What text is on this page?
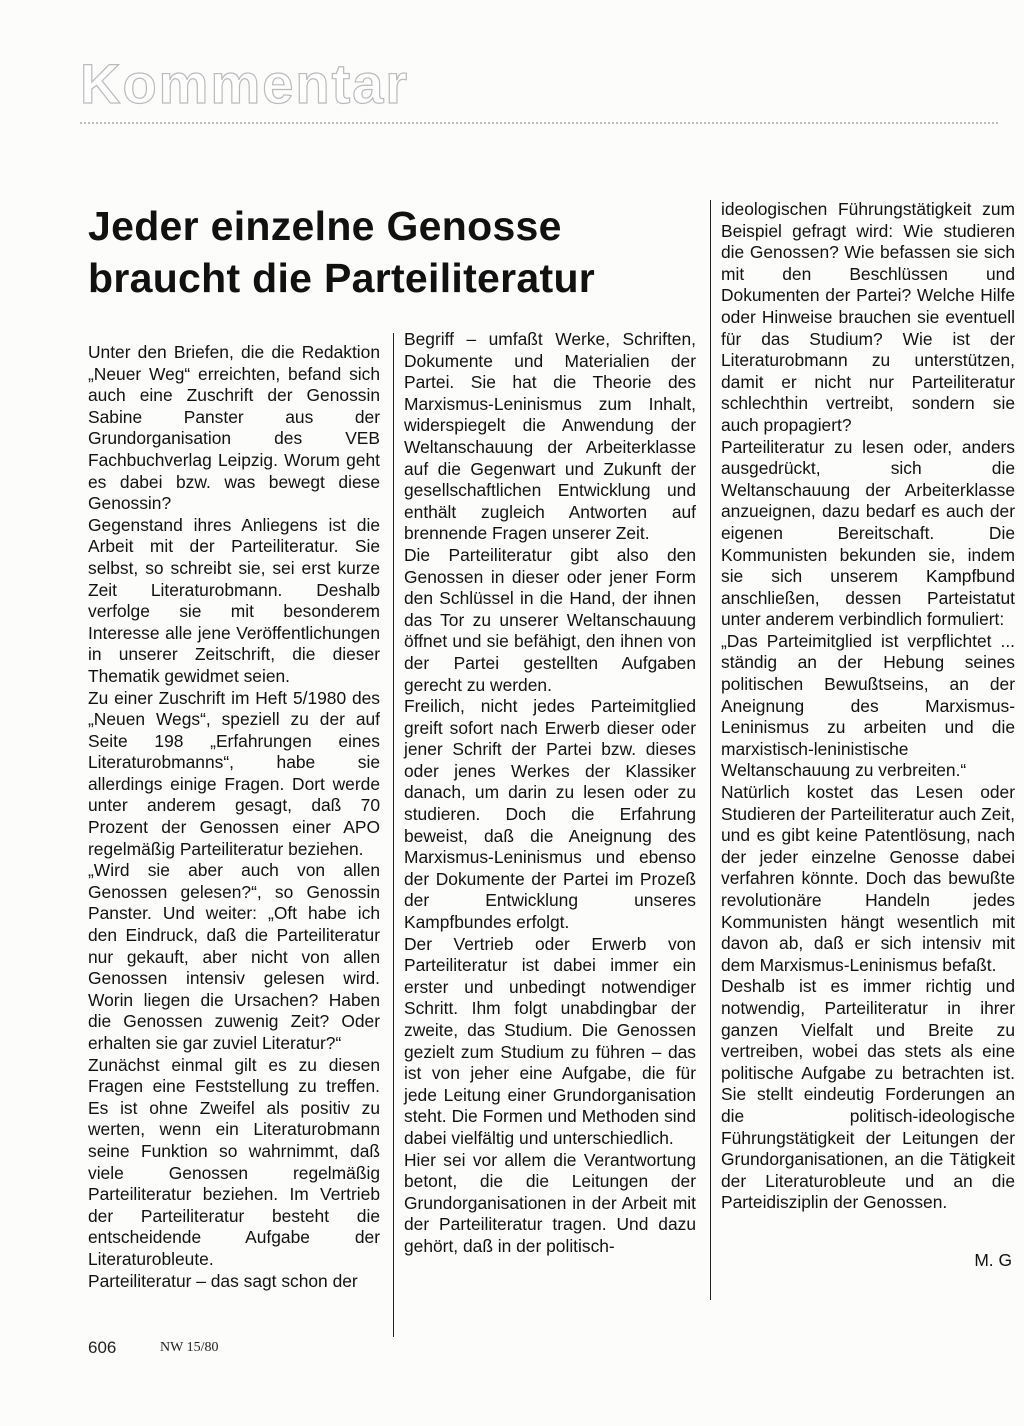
Kommentar
Jeder einzelne Genosse
braucht die Parteiliteratur

Unter den Briefen, die die Redaktion „Neuer Weg“ erreichten, befand sich auch eine Zuschrift der Genossin Sabine Panster aus der Grundorganisation des VEB Fachbuchverlag Leipzig. Worum geht es dabei bzw. was bewegt diese Genossin?

Gegenstand ihres Anliegens ist die Arbeit mit der Parteiliteratur. Sie selbst, so schreibt sie, sei erst kurze Zeit Literaturobmann. Deshalb verfolge sie mit besonderem Interesse alle jene Veröffentlichungen in unserer Zeitschrift, die dieser Thematik gewidmet seien.

Zu einer Zuschrift im Heft 5/1980 des „Neuen Wegs“, speziell zu der auf Seite 198 „Erfahrungen eines Literaturobmanns“, habe sie allerdings einige Fragen. Dort werde unter anderem gesagt, daß 70 Prozent der Genossen einer APO regelmäßig Parteiliteratur beziehen.

„Wird sie aber auch von allen Genossen gelesen?“, so Genossin Panster. Und weiter: „Oft habe ich den Eindruck, daß die Parteiliteratur nur gekauft, aber nicht von allen Genossen intensiv gelesen wird. Worin liegen die Ursachen? Haben die Genossen zuwenig Zeit? Oder erhalten sie gar zuviel Literatur?“

Zunächst einmal gilt es zu diesen Fragen eine Feststellung zu treffen. Es ist ohne Zweifel als positiv zu werten, wenn ein Literaturobmann seine Funktion so wahrnimmt, daß viele Genossen regelmäßig Parteiliteratur beziehen. Im Vertrieb der Parteiliteratur besteht die entscheidende Aufgabe der Literaturobleute.

Parteiliteratur – das sagt schon der

Begriff – umfaßt Werke, Schriften, Dokumente und Materialien der Partei. Sie hat die Theorie des Marxismus-Leninismus zum Inhalt, widerspiegelt die Anwendung der Weltanschauung der Arbeiterklasse auf die Gegenwart und Zukunft der gesellschaftlichen Entwicklung und enthält zugleich Antworten auf brennende Fragen unserer Zeit.

Die Parteiliteratur gibt also den Genossen in dieser oder jener Form den Schlüssel in die Hand, der ihnen das Tor zu unserer Weltanschauung öffnet und sie befähigt, den ihnen von der Partei gestellten Aufgaben gerecht zu werden.

Freilich, nicht jedes Parteimitglied greift sofort nach Erwerb dieser oder jener Schrift der Partei bzw. dieses oder jenes Werkes der Klassiker danach, um darin zu lesen oder zu studieren. Doch die Erfahrung beweist, daß die Aneignung des Marxismus-Leninismus und ebenso der Dokumente der Partei im Prozeß der Entwicklung unseres Kampfbundes erfolgt.

Der Vertrieb oder Erwerb von Parteiliteratur ist dabei immer ein erster und unbedingt notwendiger Schritt. Ihm folgt unabdingbar der zweite, das Studium. Die Genossen gezielt zum Studium zu führen – das ist von jeher eine Aufgabe, die für jede Leitung einer Grundorganisation steht. Die Formen und Methoden sind dabei vielfältig und unterschiedlich.

Hier sei vor allem die Verantwortung betont, die die Leitungen der Grundorganisationen in der Arbeit mit der Parteiliteratur tragen. Und dazu gehört, daß in der politisch-

ideologischen Führungstätigkeit zum Beispiel gefragt wird: Wie studieren die Genossen? Wie befassen sie sich mit den Beschlüssen und Dokumenten der Partei? Welche Hilfe oder Hinweise brauchen sie eventuell für das Studium? Wie ist der Literaturobmann zu unterstützen, damit er nicht nur Parteiliteratur schlechthin vertreibt, sondern sie auch propagiert?

Parteiliteratur zu lesen oder, anders ausgedrückt, sich die Weltanschauung der Arbeiterklasse anzueignen, dazu bedarf es auch der eigenen Bereitschaft. Die Kommunisten bekunden sie, indem sie sich unserem Kampfbund anschließen, dessen Parteistatut unter anderem verbindlich formuliert:

„Das Parteimitglied ist verpflichtet ... ständig an der Hebung seines politischen Bewußtseins, an der Aneignung des Marxismus-Leninismus zu arbeiten und die marxistisch-leninistische Weltanschauung zu verbreiten.“

Natürlich kostet das Lesen oder Studieren der Parteiliteratur auch Zeit, und es gibt keine Patentlösung, nach der jeder einzelne Genosse dabei verfahren könnte. Doch das bewußte revolutionäre Handeln jedes Kommunisten hängt wesentlich mit davon ab, daß er sich intensiv mit dem Marxismus-Leninismus befaßt.

Deshalb ist es immer richtig und notwendig, Parteiliteratur in ihrer ganzen Vielfalt und Breite zu vertreiben, wobei das stets als eine politische Aufgabe zu betrachten ist. Sie stellt eindeutig Forderungen an die politisch-ideologische Führungstätigkeit der Leitungen der Grundorganisationen, an die Tätigkeit der Literaturobleute und an die Parteidisziplin der Genossen.

M. G
606	NW 15/80
